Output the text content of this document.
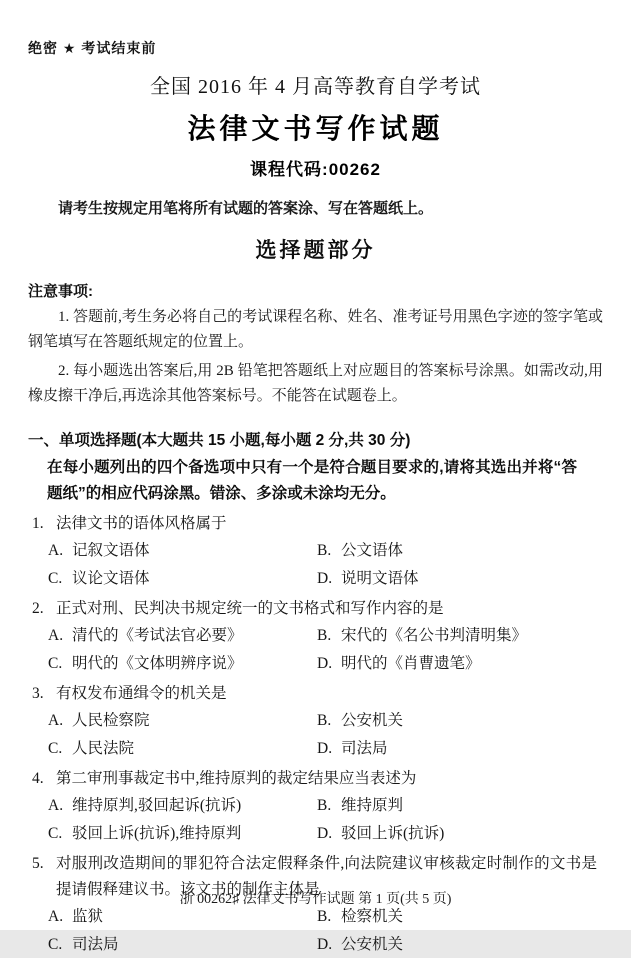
绝密 ★ 考试结束前
全国 2016 年 4 月高等教育自学考试
法律文书写作试题
课程代码:00262

请考生按规定用笔将所有试题的答案涂、写在答题纸上。

选择题部分
注意事项:

1. 答题前,考生务必将自己的考试课程名称、姓名、准考证号用黑色字迹的签字笔或钢笔填写在答题纸规定的位置上。

2. 每小题选出答案后,用 2B 铅笔把答题纸上对应题目的答案标号涂黑。如需改动,用橡皮擦干净后,再选涂其他答案标号。不能答在试题卷上。

一、单项选择题(本大题共 15 小题,每小题 2 分,共 30 分)
在每小题列出的四个备选项中只有一个是符合题目要求的,请将其选出并将“答题纸”的相应代码涂黑。错涂、多涂或未涂均无分。
1. 法律文书的语体风格属于
A. 记叙文语体	B. 公文语体
C. 议论文语体	D. 说明文语体
2. 正式对刑、民判决书规定统一的文书格式和写作内容的是
A. 清代的《考试法官必要》	B. 宋代的《名公书判清明集》
C. 明代的《文体明辨序说》	D. 明代的《肖曹遗笔》
3. 有权发布通缉令的机关是
A. 人民检察院	B. 公安机关
C. 人民法院	D. 司法局
4. 第二审刑事裁定书中,维持原判的裁定结果应当表述为
A. 维持原判,驳回起诉(抗诉)	B. 维持原判
C. 驳回上诉(抗诉),维持原判	D. 驳回上诉(抗诉)
5. 对服刑改造期间的罪犯符合法定假释条件,向法院建议审核裁定时制作的文书是提请假释建议书。该文书的制作主体是
A. 监狱	B. 检察机关
C. 司法局	D. 公安机关
浙 00262♯ 法律文书写作试题 第 1 页(共 5 页)
